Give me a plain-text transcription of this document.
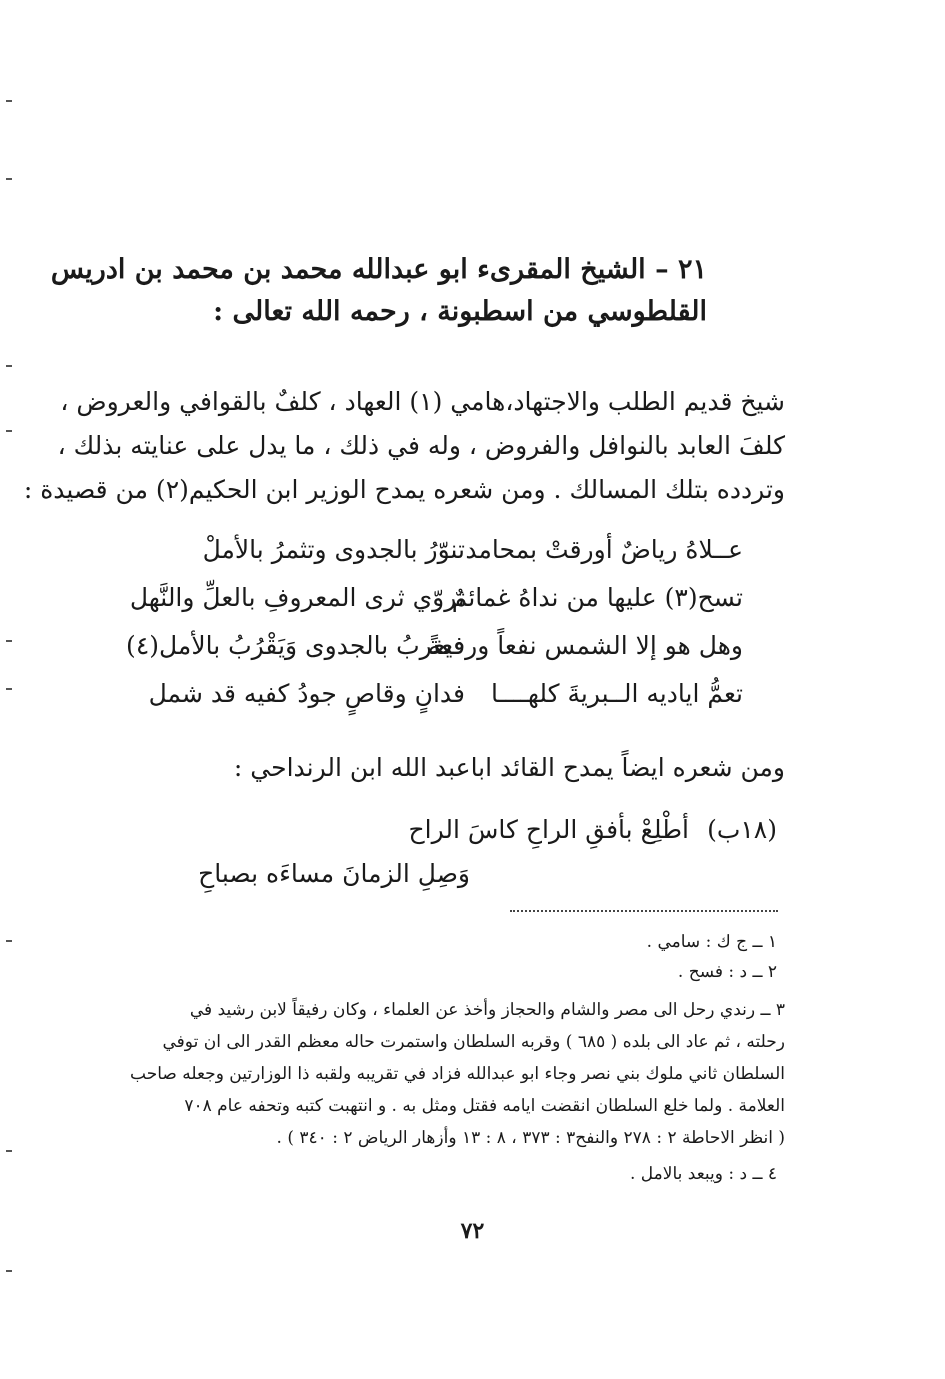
٢١ – الشيخ المقرىء ابو عبدالله محمد بن محمد بن ادريس
القلطوسي من اسطبونة ، رحمه الله تعالى :
شيخ قديم الطلب والاجتهاد،هامي (١) العهاد ، كلفٌ بالقوافي والعروض ،
كلفَ العابد بالنوافل والفروض ، وله في ذلك ، ما يدل على عنايته بذلك ،
وتردده بتلك المسالك . ومن شعره يمدح الوزير ابن الحكيم(٢) من قصيدة :
عــلاهُ رياضٌ أورقتْ بمحامد
تنوّرُ بالجدوى وتثمرُ بالأملْ
تسح(٣) عليها من نداهُ غمائمٌ
تروّي ثرى المعروفِ بالعلِّ والنَّهل
وهل هو إلا الشمس نفعاً ورفعةً
فيغربُ بالجدوى وَيَقْرُبُ بالأمل(٤)
تعمُّ اياديه الــبريةَ كلهــــا
فدانٍ وقاصٍ جودُ كفيه قد شمل
ومن شعره ايضاً يمدح القائد اباعبد الله ابن الرنداحي :
(١٨ب)
أطْلِعْ بأفقِ الراحِ كاسَ الراح
وَصِلِ الزمانَ مساءَه بصباحِ
١ ــ ج ك : سامي .
٢ ــ د : فسح .
٣ ــ رندي رحل الى مصر والشام والحجاز وأخذ عن العلماء ، وكان رفيقاً لابن رشيد في
رحلته ، ثم عاد الى بلده ( ٦٨٥ ) وقربه السلطان واستمرت حاله معظم القدر الى ان توفي
السلطان ثاني ملوك بني نصر وجاء ابو عبدالله فزاد في تقريبه ولقبه ذا الوزارتين وجعله صاحب
العلامة . ولما خلع السلطان انقضت ايامه فقتل ومثل به . و انتهبت كتبه وتحفه عام ٧٠٨
( انظر الاحاطة ٢ : ٢٧٨ والنفح٣ : ٣٧٣ ، ٨ : ١٣ وأزهار الرياض ٢ : ٣٤٠ ) .
٤ ــ د : ويبعد بالامل .
٧٢
